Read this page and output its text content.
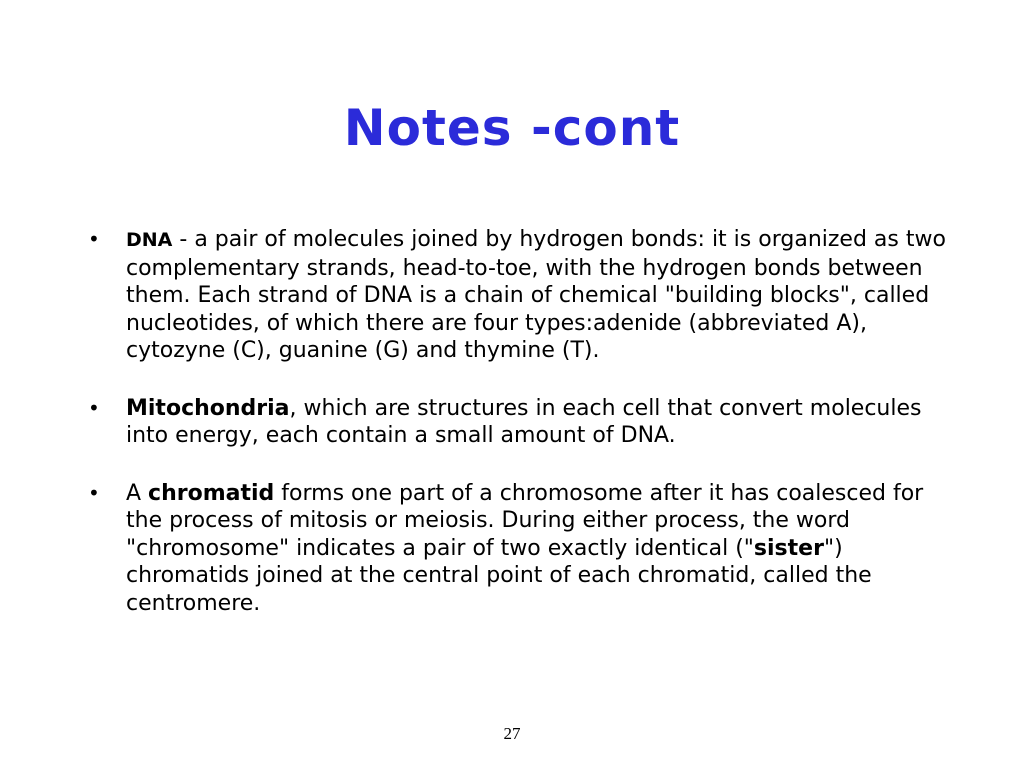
Notes -cont
• DNA - a pair of molecules joined by hydrogen bonds: it is organized as two complementary strands, head-to-toe, with the hydrogen bonds between them. Each strand of DNA is a chain of chemical "building blocks", called nucleotides, of which there are four types:adenide (abbreviated A), cytozyne (C), guanine (G) and thymine (T).
• Mitochondria, which are structures in each cell that convert molecules into energy, each contain a small amount of DNA.
• A chromatid forms one part of a chromosome after it has coalesced for the process of mitosis or meiosis. During either process, the word "chromosome" indicates a pair of two exactly identical ("sister") chromatids joined at the central point of each chromatid, called the centromere.
27
